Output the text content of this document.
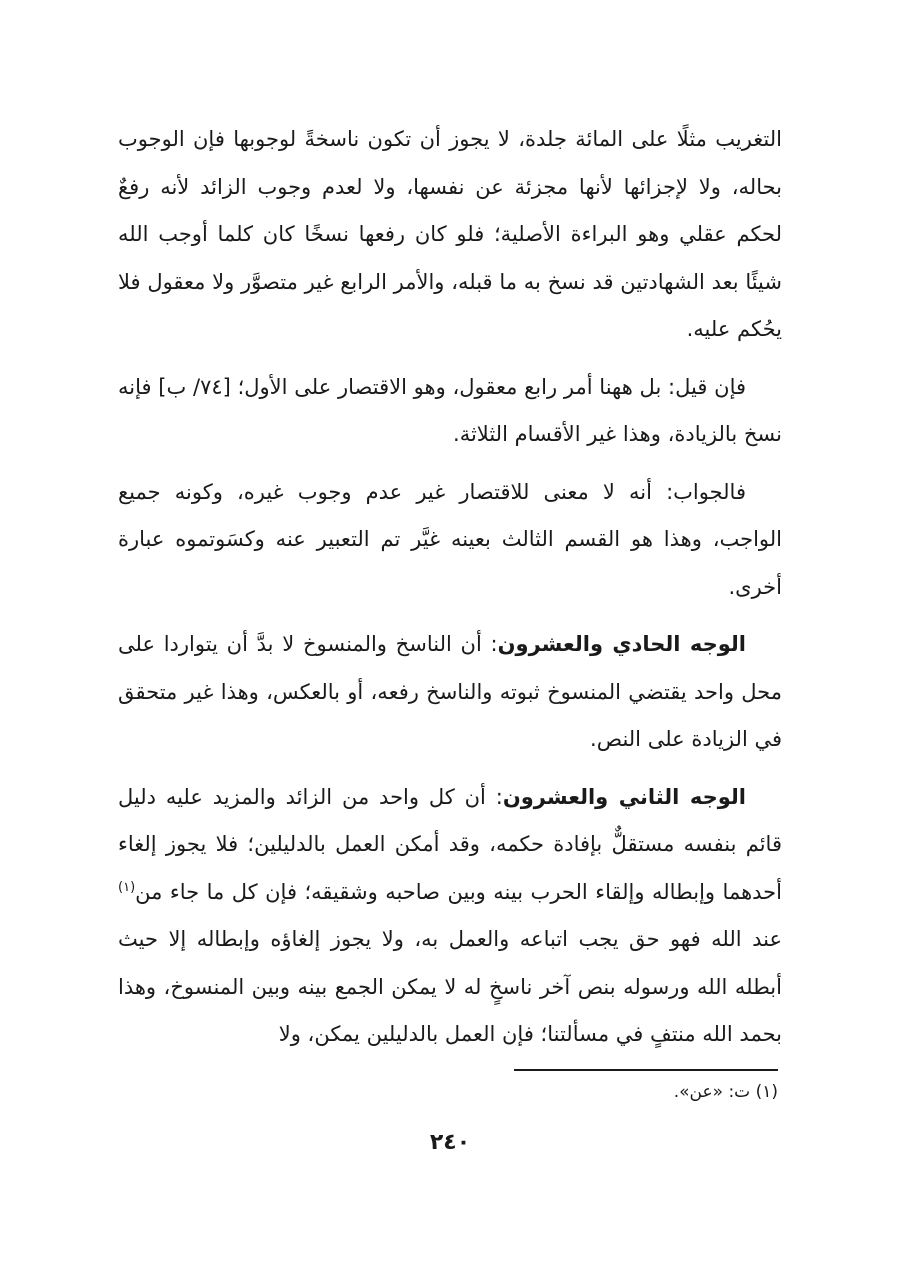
التغريب مثلًا على المائة جلدة، لا يجوز أن تكون ناسخةً لوجوبها فإن الوجوب بحاله، ولا لإجزائها لأنها مجزئة عن نفسها، ولا لعدم وجوب الزائد لأنه رفعٌ لحكم عقلي وهو البراءة الأصلية؛ فلو كان رفعها نسخًا كان كلما أوجب الله شيئًا بعد الشهادتين قد نسخ به ما قبله، والأمر الرابع غير متصوَّر ولا معقول فلا يحُكم عليه.

فإن قيل: بل ههنا أمر رابع معقول، وهو الاقتصار على الأول؛ [٧٤/ ب] فإنه نسخ بالزيادة، وهذا غير الأقسام الثلاثة.

فالجواب: أنه لا معنى للاقتصار غير عدم وجوب غيره، وكونه جميع الواجب، وهذا هو القسم الثالث بعينه غيَّر تم التعبير عنه وكسَوتموه عبارة أخرى.

الوجه الحادي والعشرون: أن الناسخ والمنسوخ لا بدَّ أن يتواردا على محل واحد يقتضي المنسوخ ثبوته والناسخ رفعه، أو بالعكس، وهذا غير متحقق في الزيادة على النص.

الوجه الثاني والعشرون: أن كل واحد من الزائد والمزيد عليه دليل قائم بنفسه مستقلٌّ بإفادة حكمه، وقد أمكن العمل بالدليلين؛ فلا يجوز إلغاء أحدهما وإبطاله وإلقاء الحرب بينه وبين صاحبه وشقيقه؛ فإن كل ما جاء من$^{(١)}$ عند الله فهو حق يجب اتباعه والعمل به، ولا يجوز إلغاؤه وإبطاله إلا حيث أبطله الله ورسوله بنص آخر ناسخٍ له لا يمكن الجمع بينه وبين المنسوخ، وهذا بحمد الله منتفٍ في مسألتنا؛ فإن العمل بالدليلين يمكن، ولا

(١) ت: «عن».
٢٤٠
